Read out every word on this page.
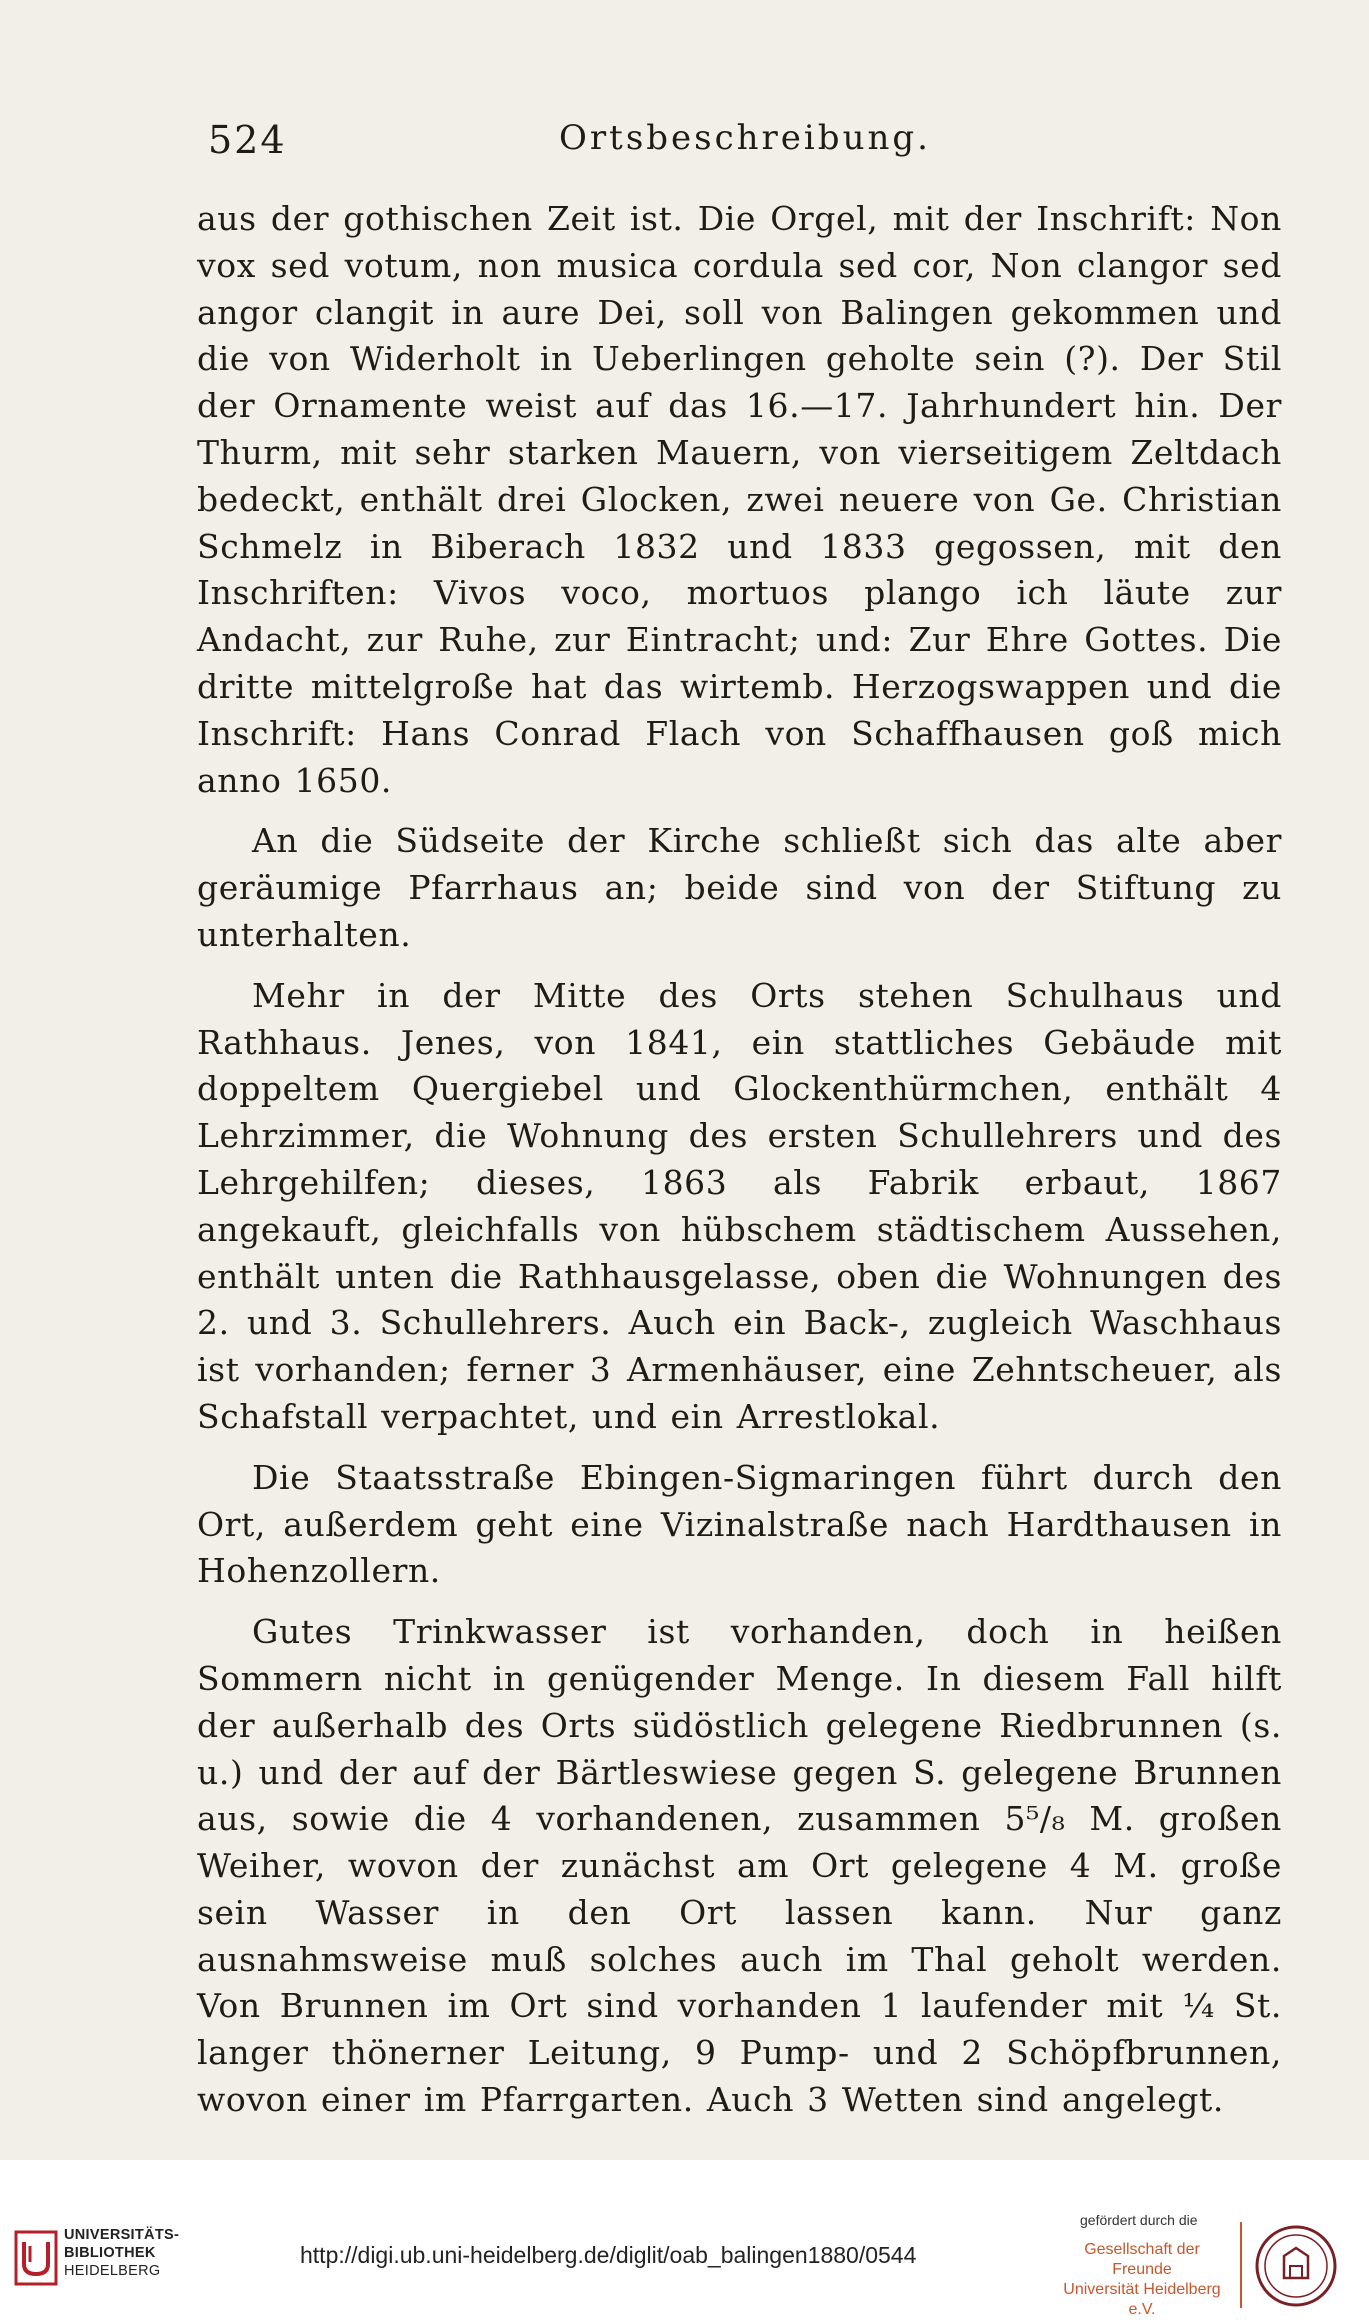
524	Ortsbeschreibung.

aus der gothischen Zeit ist. Die Orgel, mit der Inschrift: Non vox sed votum, non musica cordula sed cor, Non clangor sed angor clangit in aure Dei, soll von Balingen gekommen und die von Widerholt in Ueberlingen geholte sein (?). Der Stil der Ornamente weist auf das 16.—17. Jahrhundert hin. Der Thurm, mit sehr starken Mauern, von vierseitigem Zeltdach bedeckt, enthält drei Glocken, zwei neuere von Ge. Christian Schmelz in Biberach 1832 und 1833 gegossen, mit den Inschriften: Vivos voco, mortuos plango ich läute zur Andacht, zur Ruhe, zur Eintracht; und: Zur Ehre Gottes. Die dritte mittelgroße hat das wirtemb. Herzogswappen und die Inschrift: Hans Conrad Flach von Schaffhausen goß mich anno 1650.

An die Südseite der Kirche schließt sich das alte aber geräumige Pfarrhaus an; beide sind von der Stiftung zu unterhalten.

Mehr in der Mitte des Orts stehen Schulhaus und Rathhaus. Jenes, von 1841, ein stattliches Gebäude mit doppeltem Quergiebel und Glockenthürmchen, enthält 4 Lehrzimmer, die Wohnung des ersten Schullehrers und des Lehrgehilfen; dieses, 1863 als Fabrik erbaut, 1867 angekauft, gleichfalls von hübschem städtischem Aussehen, enthält unten die Rathhausgelasse, oben die Wohnungen des 2. und 3. Schullehrers. Auch ein Back-, zugleich Waschhaus ist vorhanden; ferner 3 Armenhäuser, eine Zehntscheuer, als Schafstall verpachtet, und ein Arrestlokal.

Die Staatsstraße Ebingen-Sigmaringen führt durch den Ort, außerdem geht eine Vizinalstraße nach Hardthausen in Hohenzollern.

Gutes Trinkwasser ist vorhanden, doch in heißen Sommern nicht in genügender Menge. In diesem Fall hilft der außerhalb des Orts südöstlich gelegene Riedbrunnen (s. u.) und der auf der Bärtleswiese gegen S. gelegene Brunnen aus, sowie die 4 vorhandenen, zusammen 5⁵/₈ M. großen Weiher, wovon der zunächst am Ort gelegene 4 M. große sein Wasser in den Ort lassen kann. Nur ganz ausnahmsweise muß solches auch im Thal geholt werden. Von Brunnen im Ort sind vorhanden 1 laufender mit ¼ St. langer thönerner Leitung, 9 Pump- und 2 Schöpfbrunnen, wovon einer im Pfarrgarten. Auch 3 Wetten sind angelegt.

UNIVERSITÄTS-
BIBLIOTHEK
HEIDELBERG
http://digi.ub.uni-heidelberg.de/diglit/oab_balingen1880/0544
gefördert durch die
Gesellschaft der Freunde
Universität Heidelberg e.V.
